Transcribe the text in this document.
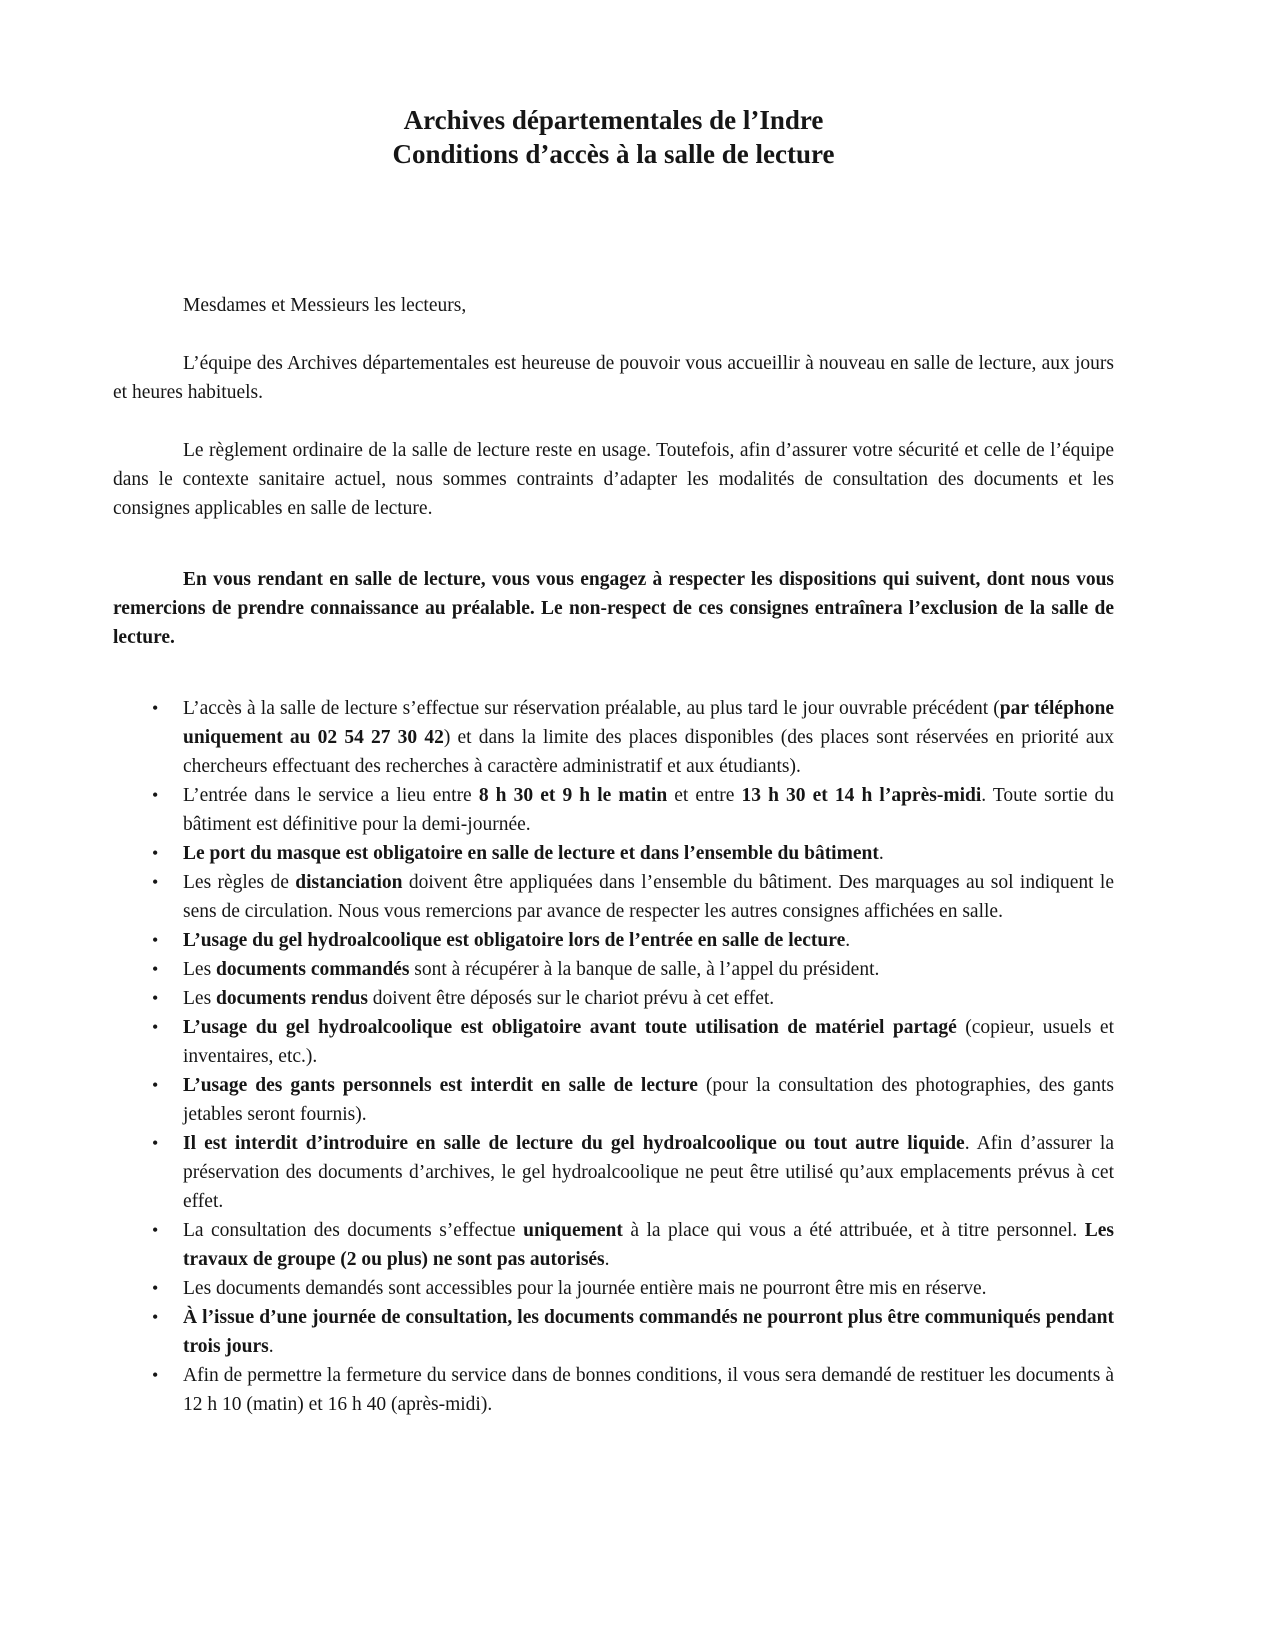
Archives départementales de l’Indre
Conditions d’accès à la salle de lecture

Mesdames et Messieurs les lecteurs,

L’équipe des Archives départementales est heureuse de pouvoir vous accueillir à nouveau en salle de lecture, aux jours et heures habituels.

Le règlement ordinaire de la salle de lecture reste en usage. Toutefois, afin d’assurer votre sécurité et celle de l’équipe dans le contexte sanitaire actuel, nous sommes contraints d’adapter les modalités de consultation des documents et les consignes applicables en salle de lecture.

En vous rendant en salle de lecture, vous vous engagez à respecter les dispositions qui suivent, dont nous vous remercions de prendre connaissance au préalable. Le non-respect de ces consignes entraînera l’exclusion de la salle de lecture.

• L’accès à la salle de lecture s’effectue sur réservation préalable, au plus tard le jour ouvrable précédent (par téléphone uniquement au 02 54 27 30 42) et dans la limite des places disponibles (des places sont réservées en priorité aux chercheurs effectuant des recherches à caractère administratif et aux étudiants).
• L’entrée dans le service a lieu entre 8 h 30 et 9 h le matin et entre 13 h 30 et 14 h l’après-midi. Toute sortie du bâtiment est définitive pour la demi-journée.
• Le port du masque est obligatoire en salle de lecture et dans l’ensemble du bâtiment.
• Les règles de distanciation doivent être appliquées dans l’ensemble du bâtiment. Des marquages au sol indiquent le sens de circulation. Nous vous remercions par avance de respecter les autres consignes affichées en salle.
• L’usage du gel hydroalcoolique est obligatoire lors de l’entrée en salle de lecture.
• Les documents commandés sont à récupérer à la banque de salle, à l’appel du président.
• Les documents rendus doivent être déposés sur le chariot prévu à cet effet.
• L’usage du gel hydroalcoolique est obligatoire avant toute utilisation de matériel partagé (copieur, usuels et inventaires, etc.).
• L’usage des gants personnels est interdit en salle de lecture (pour la consultation des photographies, des gants jetables seront fournis).
• Il est interdit d’introduire en salle de lecture du gel hydroalcoolique ou tout autre liquide. Afin d’assurer la préservation des documents d’archives, le gel hydroalcoolique ne peut être utilisé qu’aux emplacements prévus à cet effet.
• La consultation des documents s’effectue uniquement à la place qui vous a été attribuée, et à titre personnel. Les travaux de groupe (2 ou plus) ne sont pas autorisés.
• Les documents demandés sont accessibles pour la journée entière mais ne pourront être mis en réserve.
• À l’issue d’une journée de consultation, les documents commandés ne pourront plus être communiqués pendant trois jours.
• Afin de permettre la fermeture du service dans de bonnes conditions, il vous sera demandé de restituer les documents à 12 h 10 (matin) et 16 h 40 (après-midi).
